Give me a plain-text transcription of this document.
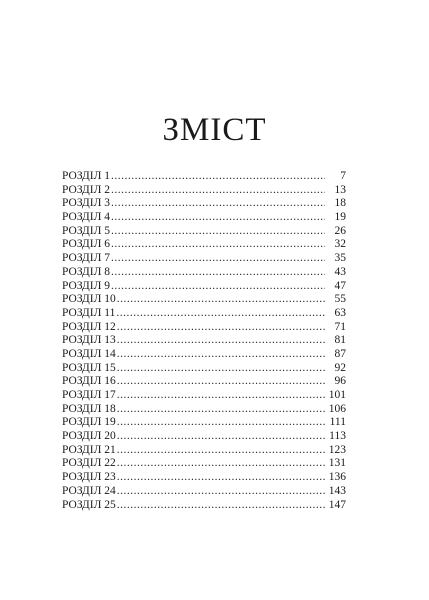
ЗМІСТ
РОЗДІЛ 1 .....	7
РОЗДІЛ 2 .....	13
РОЗДІЛ 3 .....	18
РОЗДІЛ 4 .....	19
РОЗДІЛ 5 .....	26
РОЗДІЛ 6 .....	32
РОЗДІЛ 7 .....	35
РОЗДІЛ 8 .....	43
РОЗДІЛ 9 .....	47
РОЗДІЛ 10 .....	55
РОЗДІЛ 11 .....	63
РОЗДІЛ 12 .....	71
РОЗДІЛ 13 .....	81
РОЗДІЛ 14 .....	87
РОЗДІЛ 15 .....	92
РОЗДІЛ 16 .....	96
РОЗДІЛ 17 .....	101
РОЗДІЛ 18 .....	106
РОЗДІЛ 19 .....	111
РОЗДІЛ 20 .....	113
РОЗДІЛ 21 .....	123
РОЗДІЛ 22 .....	131
РОЗДІЛ 23 .....	136
РОЗДІЛ 24 .....	143
РОЗДІЛ 25 .....	147
